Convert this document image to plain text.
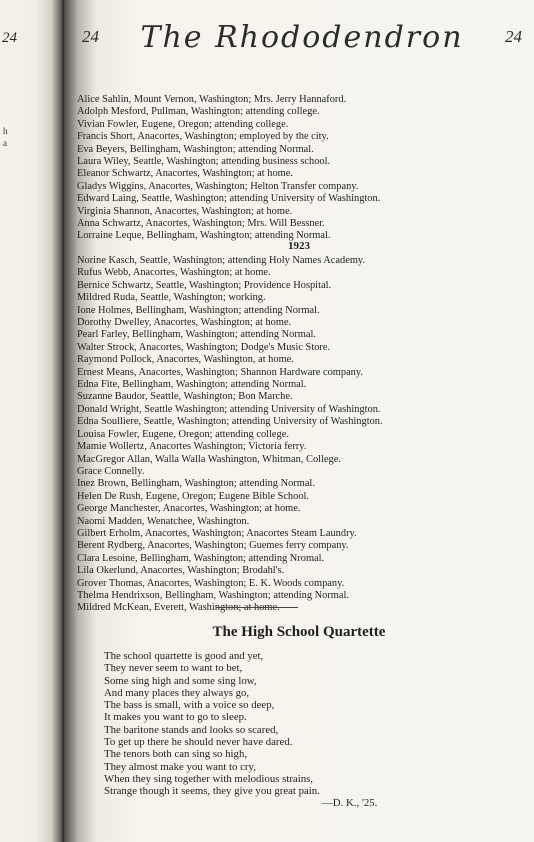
24
h
a
24	The Rhododendron	24
Alice Sahlin, Mount Vernon, Washington; Mrs. Jerry Hannaford.
Adolph Mesford, Pullman, Washington; attending college.
Vivian Fowler, Eugene, Oregon; attending college.
Francis Short, Anacortes, Washington; employed by the city.
Eva Beyers, Bellingham, Washington; attending Normal.
Laura Wiley, Seattle, Washington; attending business school.
Eleanor Schwartz, Anacortes, Washington; at home.
Gladys Wiggins, Anacortes, Washington; Helton Transfer company.
Edward Laing, Seattle, Washington; attending University of Washington.
Virginia Shannon, Anacortes, Washington; at home.
Anna Schwartz, Anacortes, Washington; Mrs. Will Bessner.
Lorraine Leque, Bellingham, Washington; attending Normal.
1923
Norine Kasch, Seattle, Washington; attending Holy Names Academy.
Rufus Webb, Anacortes, Washington; at home.
Bernice Schwartz, Seattle, Washington; Providence Hospital.
Mildred Ruda, Seattle, Washington; working.
Ione Holmes, Bellingham, Washington; attending Normal.
Dorothy Dwelley, Anacortes, Washington; at home.
Pearl Farley, Bellingham, Washington; attending Normal.
Walter Strock, Anacortes, Washington; Dodge's Music Store.
Raymond Pollock, Anacortes, Washington, at home.
Ernest Means, Anacortes, Washington; Shannon Hardware company.
Edna Fite, Bellingham, Washington; attending Normal.
Suzanne Baudor, Seattle, Washington; Bon Marche.
Donald Wright, Seattle Washington; attending University of Washington.
Edna Soulliere, Seattle, Washington; attending University of Washington.
Louisa Fowler, Eugene, Oregon; attending college.
Mamie Wollertz, Anacortes Washington; Victoria ferry.
MacGregor Allan, Walla Walla Washington, Whitman, College.
Grace Connelly.
Inez Brown, Bellingham, Washington; attending Normal.
Helen De Rush, Eugene, Oregon; Eugene Bible School.
George Manchester, Anacortes, Washington; at home.
Naomi Madden, Wenatchee, Washington.
Gilbert Erholm, Anacortes, Washington; Anacortes Steam Laundry.
Berent Rydberg, Anacortes, Washington; Guemes ferry company.
Clara Lesoine, Bellingham, Washington; attending Nromal.
Lila Okerlund, Anacortes, Washington; Brodahl's.
Grover Thomas, Anacortes, Washington; E. K. Woods company.
Thelma Hendrixson, Bellingham, Washington; attending Normal.
Mildred McKean, Everett, Washington; at home.
The High School Quartette
The school quartette is good and yet,
They never seem to want to bet,
Some sing high and some sing low,
And many places they always go,
The bass is small, with a voice so deep,
It makes you want to go to sleep.
The baritone stands and looks so scared,
To get up there he should never have dared.
The tenors both can sing so high,
They almost make you want to cry,
When they sing together with melodious strains,
Strange though it seems, they give you great pain.
—D. K., '25.
